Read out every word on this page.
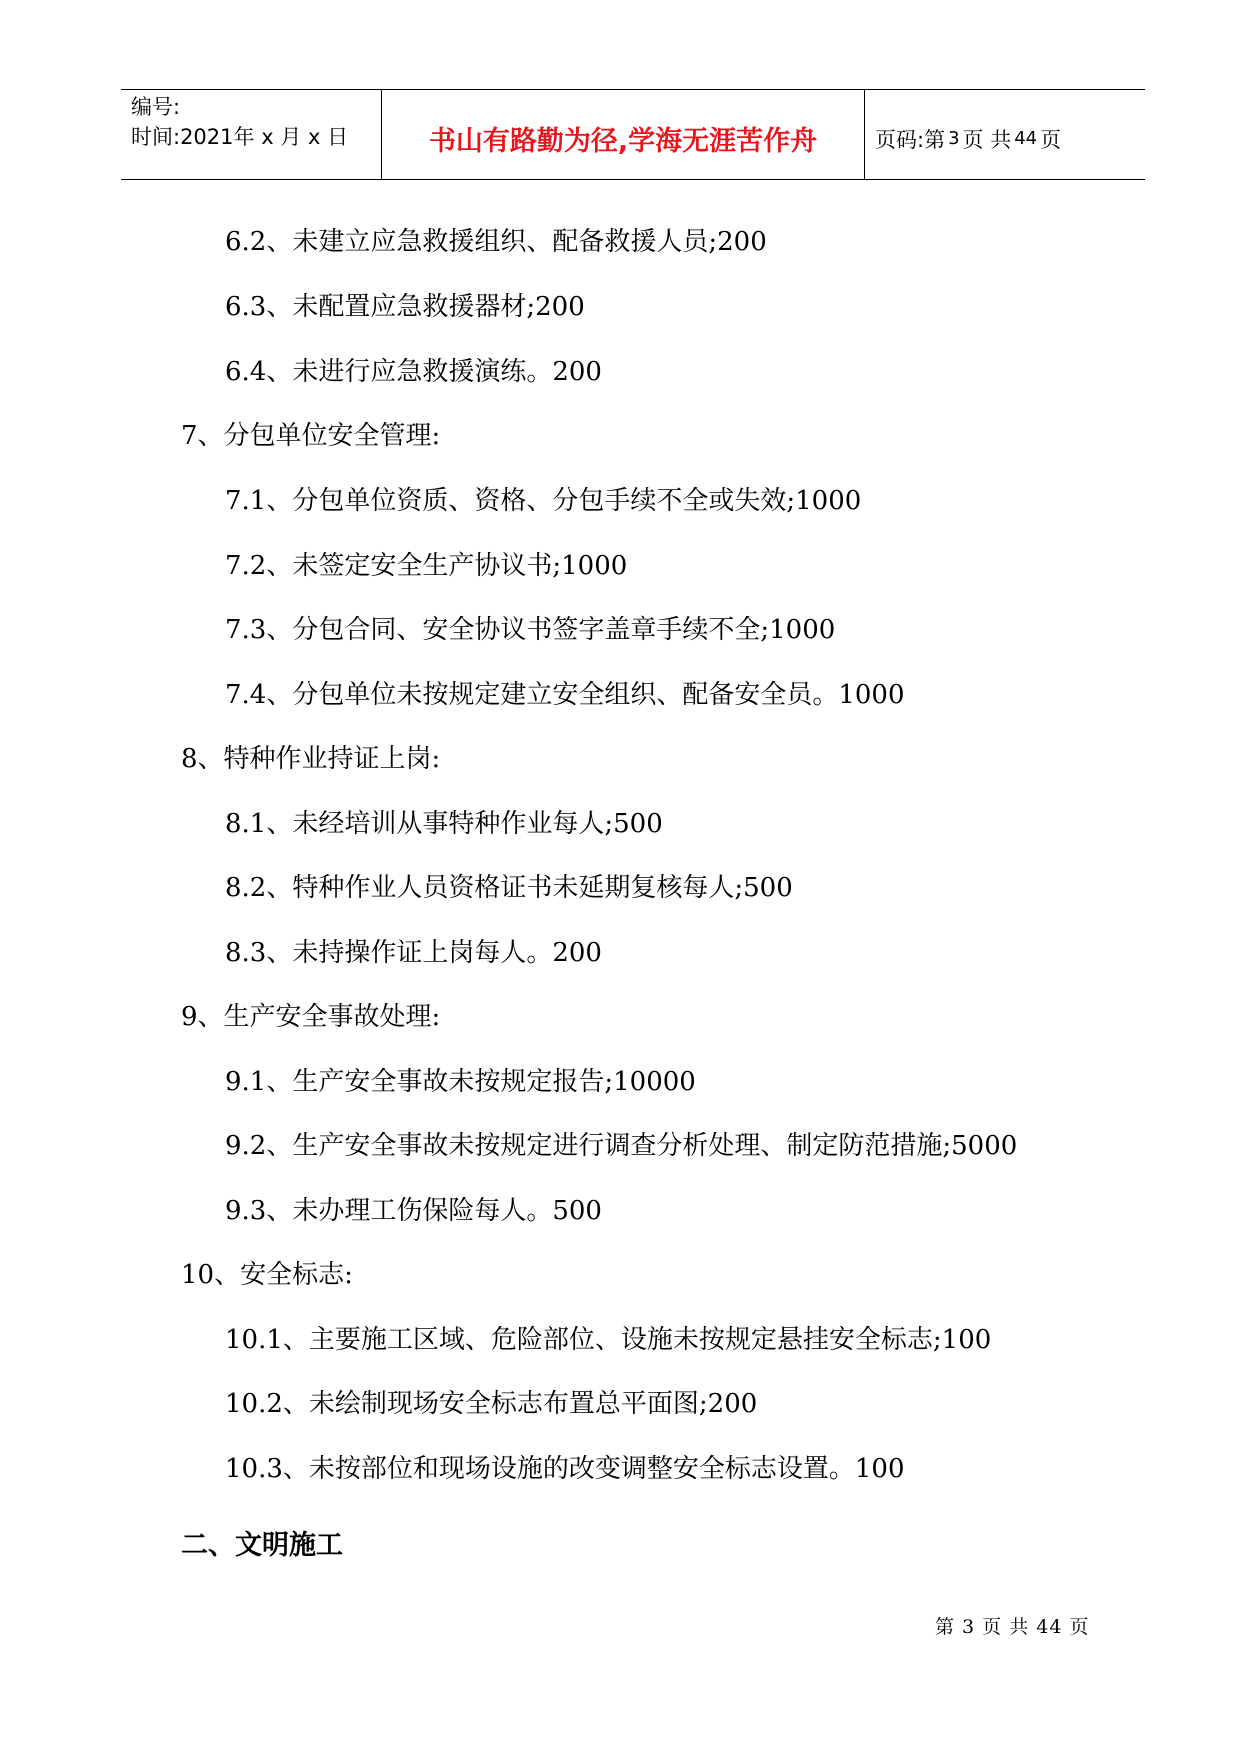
编号:
时间:2021年 x 月 x 日	书山有路勤为径,学海无涯苦作舟	页码:第 3 页 共 44 页
6.2、未建立应急救援组织、配备救援人员;200
6.3、未配置应急救援器材;200
6.4、未进行应急救援演练。200
7、分包单位安全管理:
7.1、分包单位资质、资格、分包手续不全或失效;1000
7.2、未签定安全生产协议书;1000
7.3、分包合同、安全协议书签字盖章手续不全;1000
7.4、分包单位未按规定建立安全组织、配备安全员。1000
8、特种作业持证上岗:
8.1、未经培训从事特种作业每人;500
8.2、特种作业人员资格证书未延期复核每人;500
8.3、未持操作证上岗每人。200
9、生产安全事故处理:
9.1、生产安全事故未按规定报告;10000
9.2、生产安全事故未按规定进行调查分析处理、制定防范措施;5000
9.3、未办理工伤保险每人。500
10、安全标志:
10.1、主要施工区域、危险部位、设施未按规定悬挂安全标志;100
10.2、未绘制现场安全标志布置总平面图;200
10.3、未按部位和现场设施的改变调整安全标志设置。100
二、文明施工
第 3 页 共 44 页
